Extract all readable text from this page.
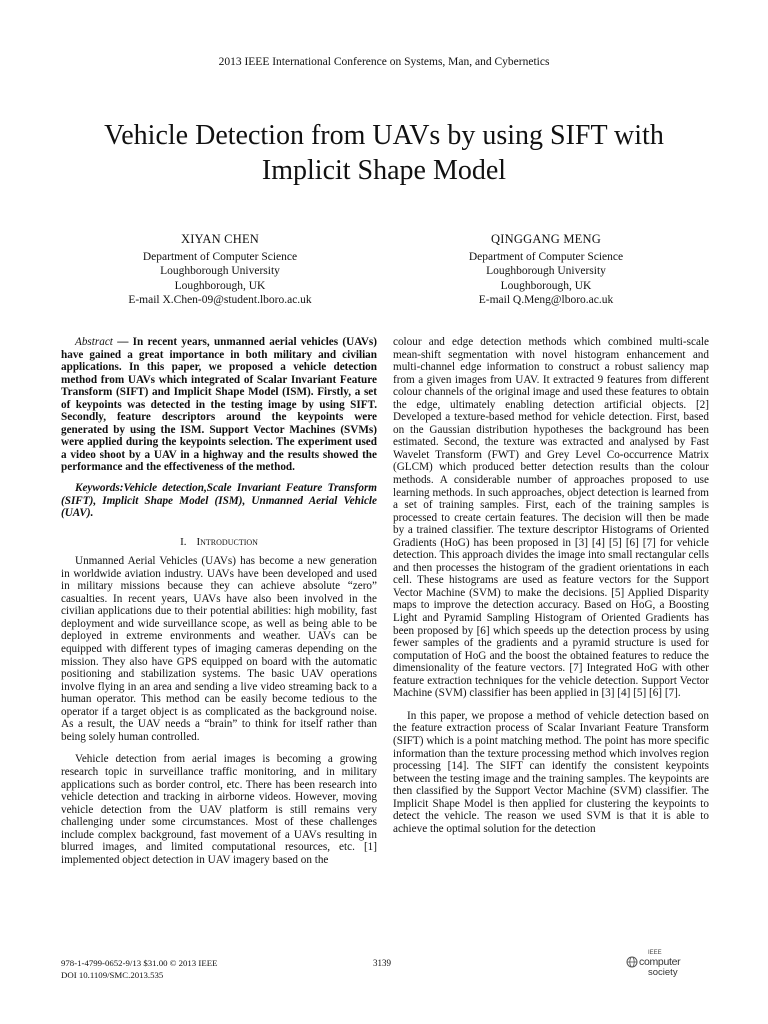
2013 IEEE International Conference on Systems, Man, and Cybernetics
Vehicle Detection from UAVs by using SIFT with Implicit Shape Model
XIYAN CHEN
Department of Computer Science
Loughborough University
Loughborough, UK
E-mail X.Chen-09@student.lboro.ac.uk
QINGGANG MENG
Department of Computer Science
Loughborough University
Loughborough, UK
E-mail Q.Meng@lboro.ac.uk

Abstract — In recent years, unmanned aerial vehicles (UAVs) have gained a great importance in both military and civilian applications. In this paper, we proposed a vehicle detection method from UAVs which integrated of Scalar Invariant Feature Transform (SIFT) and Implicit Shape Model (ISM). Firstly, a set of keypoints was detected in the testing image by using SIFT. Secondly, feature descriptors around the keypoints were generated by using the ISM. Support Vector Machines (SVMs) were applied during the keypoints selection. The experiment used a video shoot by a UAV in a highway and the results showed the performance and the effectiveness of the method.

Keywords:Vehicle detection,Scale Invariant Feature Transform (SIFT), Implicit Shape Model (ISM), Unmanned Aerial Vehicle (UAV).

I. Introduction

Unmanned Aerial Vehicles (UAVs) has become a new generation in worldwide aviation industry. UAVs have been developed and used in military missions because they can achieve absolute “zero” casualties. In recent years, UAVs have also been involved in the civilian applications due to their potential abilities: high mobility, fast deployment and wide surveillance scope, as well as being able to be deployed in extreme environments and weather. UAVs can be equipped with different types of imaging cameras depending on the mission. They also have GPS equipped on board with the automatic positioning and stabilization systems. The basic UAV operations involve flying in an area and sending a live video streaming back to a human operator. This method can be easily become tedious to the operator if a target object is as complicated as the background noise. As a result, the UAV needs a “brain” to think for itself rather than being solely human controlled.

Vehicle detection from aerial images is becoming a growing research topic in surveillance traffic monitoring, and in military applications such as border control, etc. There has been research into vehicle detection and tracking in airborne videos. However, moving vehicle detection from the UAV platform is still remains very challenging under some circumstances. Most of these challenges include complex background, fast movement of a UAVs resulting in blurred images, and limited computational resources, etc. [1] implemented object detection in UAV imagery based on the

colour and edge detection methods which combined multi-scale mean-shift segmentation with novel histogram enhancement and multi-channel edge information to construct a robust saliency map from a given images from UAV. It extracted 9 features from different colour channels of the original image and used these features to obtain the edge, ultimately enabling detection artificial objects. [2] Developed a texture-based method for vehicle detection. First, based on the Gaussian distribution hypotheses the background has been estimated. Second, the texture was extracted and analysed by Fast Wavelet Transform (FWT) and Grey Level Co-occurrence Matrix (GLCM) which produced better detection results than the colour methods. A considerable number of approaches proposed to use learning methods. In such approaches, object detection is learned from a set of training samples. First, each of the training samples is processed to create certain features. The decision will then be made by a trained classifier. The texture descriptor Histograms of Oriented Gradients (HoG) has been proposed in [3] [4] [5] [6] [7] for vehicle detection. This approach divides the image into small rectangular cells and then processes the histogram of the gradient orientations in each cell. These histograms are used as feature vectors for the Support Vector Machine (SVM) to make the decisions. [5] Applied Disparity maps to improve the detection accuracy. Based on HoG, a Boosting Light and Pyramid Sampling Histogram of Oriented Gradients has been proposed by [6] which speeds up the detection process by using fewer samples of the gradients and a pyramid structure is used for computation of HoG and the boost the obtained features to reduce the dimensionality of the feature vectors. [7] Integrated HoG with other feature extraction techniques for the vehicle detection. Support Vector Machine (SVM) classifier has been applied in [3] [4] [5] [6] [7].

In this paper, we propose a method of vehicle detection based on the feature extraction process of Scalar Invariant Feature Transform (SIFT) which is a point matching method. The point has more specific information than the texture processing method which involves region processing [14]. The SIFT can identify the consistent keypoints between the testing image and the training samples. The keypoints are then classified by the Support Vector Machine (SVM) classifier. The Implicit Shape Model is then applied for clustering the keypoints to detect the vehicle. The reason we used SVM is that it is able to achieve the optimal solution for the detection

978-1-4799-0652-9/13 $31.00 © 2013 IEEE
DOI 10.1109/SMC.2013.535
3139
IEEE
computer
society
